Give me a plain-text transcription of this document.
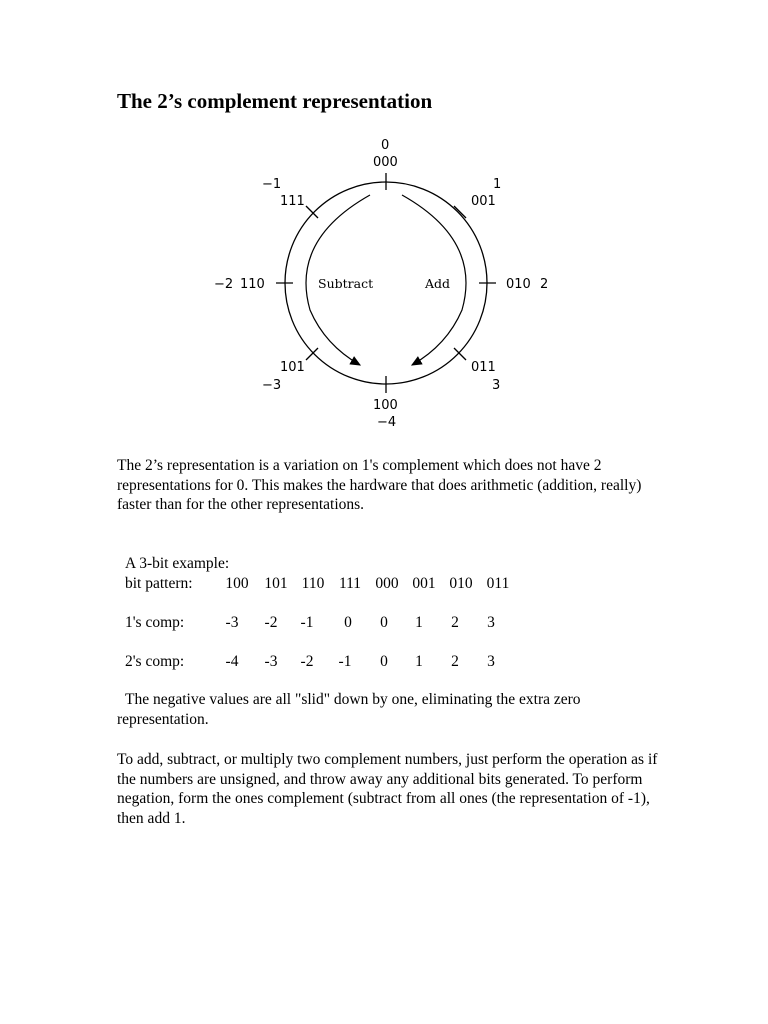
The 2’s complement representation
Subtract	Add
0
000
1
001
010 2
011
3
100
−4
101
−3
−2 110
−1
111

The 2’s representation is a variation on 1's complement which does not have 2 representations for 0. This makes the hardware that does arithmetic (addition, really) faster than for the other representations.

A 3-bit example:
bit pattern:	100	101 110 111 000 001 010 011
1's comp:	-3	-2	-1	0	0	1	2	3
2's comp:	-4	-3	-2	-1	0	1	2	3

The negative values are all "slid" down by one, eliminating the extra zero representation.

To add, subtract, or multiply two complement numbers, just perform the operation as if the numbers are unsigned, and throw away any additional bits generated. To perform negation, form the ones complement (subtract from all ones (the representation of -1), then add 1.
